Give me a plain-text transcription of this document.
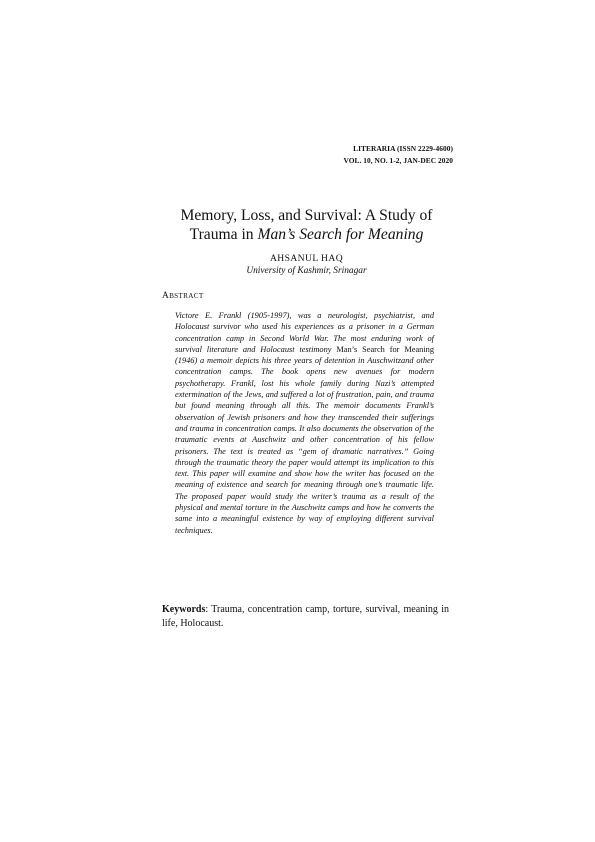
LITERARIA (ISSN 2229-4600)
VOL. 10, NO. 1-2, JAN-DEC 2020
Memory, Loss, and Survival: A Study of
Trauma in Man’s Search for Meaning
AHSANUL HAQ
University of Kashmir, Srinagar
ABSTRACT

Victore E. Frankl (1905-1997), was a neurologist, psychiatrist, and Holocaust survivor who used his experiences as a prisoner in a German concentration camp in Second World War. The most enduring work of survival literature and Holocaust testimony Man’s Search for Meaning (1946) a memoir depicts his three years of detention in Auschwitzand other concentration camps. The book opens new avenues for modern psychotherapy. Frankl, lost his whole family during Nazi’s attempted extermination of the Jews, and suffered a lot of frustration, pain, and trauma but found meaning through all this. The memoir documents Frankl’s observation of Jewish prisoners and how they transcended their sufferings and trauma in concentration camps. It also documents the observation of the traumatic events at Auschwitz and other concentration of his fellow prisoners. The text is treated as “gem of dramatic narratives.” Going through the traumatic theory the paper would attempt its implication to this text. This paper will examine and show how the writer has focused on the meaning of existence and search for meaning through one’s traumatic life. The proposed paper would study the writer’s trauma as a result of the physical and mental torture in the Auschwitz camps and how he converts the same into a meaningful existence by way of employing different survival techniques.

Keywords: Trauma, concentration camp, torture, survival, meaning in life, Holocaust.
